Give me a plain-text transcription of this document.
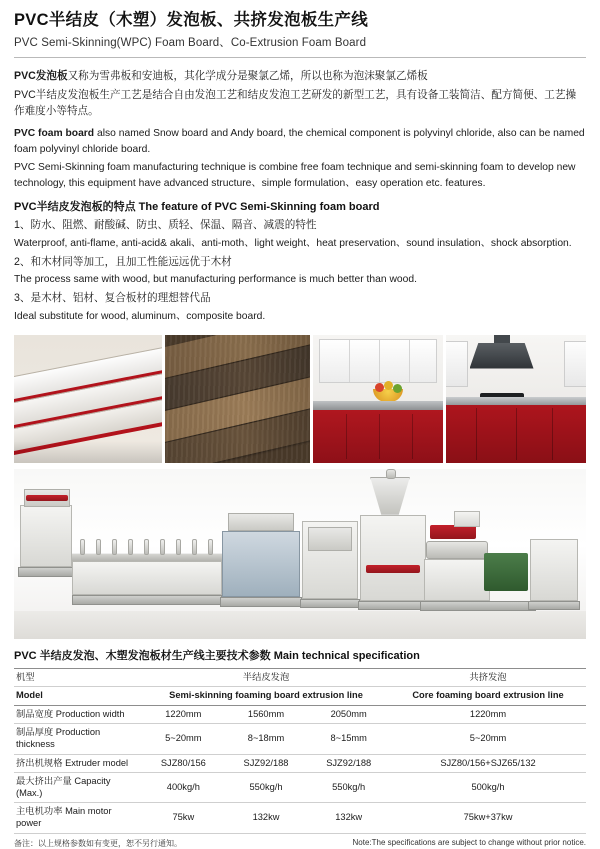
PVC半结皮（木塑）发泡板、共挤发泡板生产线
PVC Semi-Skinning(WPC) Foam Board、Co-Extrusion Foam Board

PVC发泡板又称为雪弗板和安迪板，其化学成分是聚氯乙烯，所以也称为泡沫聚氯乙烯板

PVC半结皮发泡板生产工艺是结合自由发泡工艺和结皮发泡工艺研发的新型工艺，具有设备工装简洁、配方简便、工艺操作难度小等特点。

PVC foam board also named Snow board and Andy board, the chemical component is polyvinyl chloride, also can be named foam polyvinyl chloride board.

PVC Semi-Skinning foam manufacturing technique is combine free foam technique and semi-skinning foam to develop new technology, this equipment have advanced structure、simple formulation、easy operation etc. features.

PVC半结皮发泡板的特点 The feature of PVC Semi-Skinning foam board

1、防水、阻燃、耐酸碱、防虫、质轻、保温、隔音、减震的特性

Waterproof, anti-flame, anti-acid& akali、anti-moth、light weight、heat preservation、sound insulation、shock absorption.

2、和木材同等加工，且加工性能远远优于木材

The process same with wood, but manufacturing performance is much better than wood.

3、是木材、铝材、复合板材的理想替代品

Ideal substitute for wood, aluminum、composite board.

PVC 半结皮发泡、木塑发泡板材生产线主要技术参数 Main technical specification
机型	半结皮发泡			共挤发泡
Model	Semi-skinning foaming board extrusion line			Core foaming board extrusion line
制品宽度 Production width	1220mm	1560mm	2050mm	1220mm
制品厚度 Production thickness	5~20mm	8~18mm	8~15mm	5~20mm
挤出机规格 Extruder model	SJZ80/156	SJZ92/188	SJZ92/188	SJZ80/156+SJZ65/132
最大挤出产量 Capacity (Max.)	400kg/h	550kg/h	550kg/h	500kg/h
主电机功率 Main motor power	75kw	132kw	132kw	75kw+37kw
备注：以上规格参数如有变更，恕不另行通知。	Note:The specifications are subject to change without prior notice.
